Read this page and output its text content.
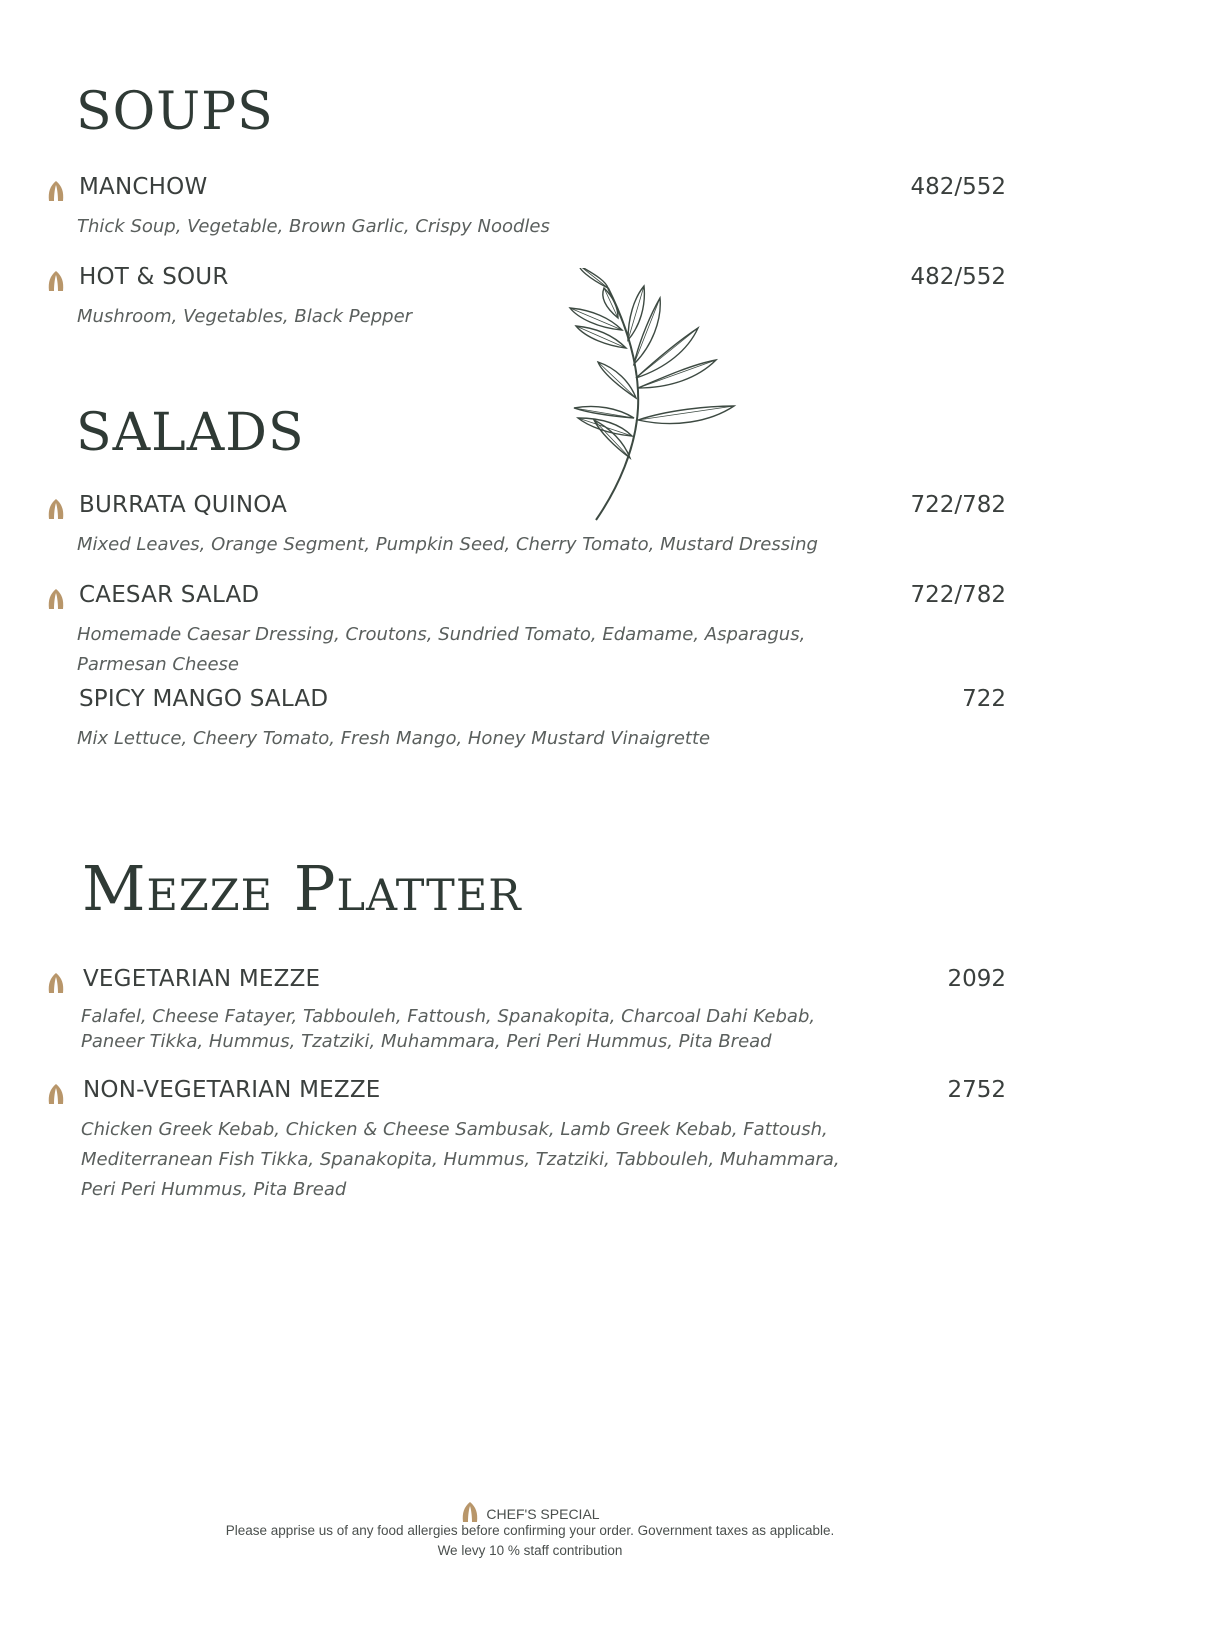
SOUPS
MANCHOW	482/552
Thick Soup, Vegetable, Brown Garlic, Crispy Noodles
HOT & SOUR	482/552
Mushroom, Vegetables, Black Pepper
SALADS
BURRATA QUINOA	722/782
Mixed Leaves, Orange Segment, Pumpkin Seed, Cherry Tomato, Mustard Dressing
CAESAR SALAD	722/782
Homemade Caesar Dressing, Croutons, Sundried Tomato, Edamame, Asparagus, Parmesan Cheese
SPICY MANGO SALAD	722
Mix Lettuce, Cheery Tomato, Fresh Mango, Honey Mustard Vinaigrette
Mezze Platter
VEGETARIAN MEZZE	2092
Falafel, Cheese Fatayer, Tabbouleh, Fattoush, Spanakopita, Charcoal Dahi Kebab, Paneer Tikka, Hummus, Tzatziki, Muhammara, Peri Peri Hummus, Pita Bread
NON-VEGETARIAN MEZZE	2752
Chicken Greek Kebab, Chicken & Cheese Sambusak, Lamb Greek Kebab, Fattoush, Mediterranean Fish Tikka, Spanakopita, Hummus, Tzatziki, Tabbouleh, Muhammara, Peri Peri Hummus, Pita Bread
CHEF'S SPECIAL
Please apprise us of any food allergies before confirming your order. Government taxes as applicable.
We levy 10 % staff contribution
